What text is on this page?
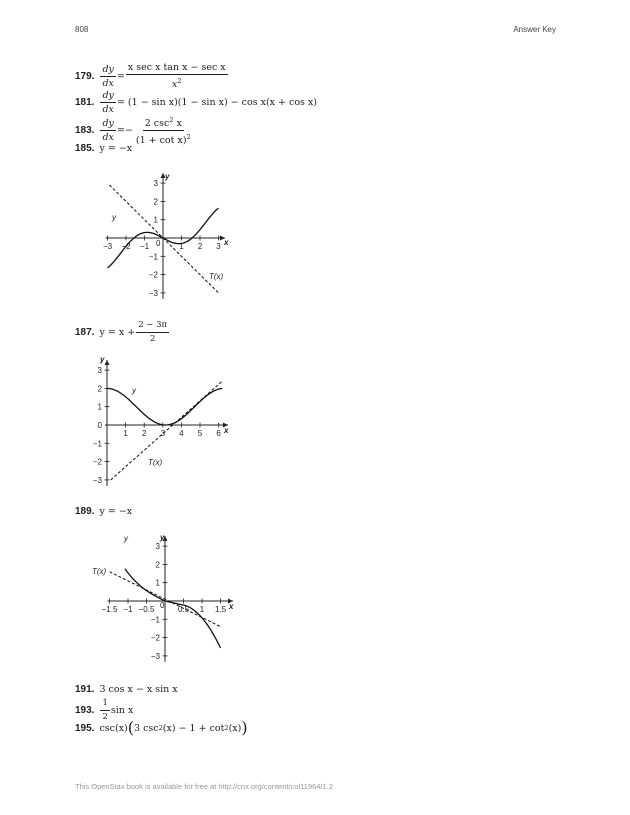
808	Answer Key
179. $\frac{dy}{dx} = \frac{\text{x sec x tan x − sec x}}{x^2}$
181. $\frac{dy}{dx}$ =
(1 − sin x)(1 − sin x) − cos x(x + cos x)
183. $\frac{dy}{dx}$ = − $\frac{2 \csc^2 x}{(1 + \cot x)^2}$
185. y = −x
−3 −2 −1	1 2 3
3
2
1
−1
−2
−3
y
x
0
y
T(x)
187. $y = x + \frac{2 - 3\pi}{2}$
1 2 3 4 5 6
3
2
1
0
−1
−2
−3
y
x
y
T(x)
189. y = −x
−1.5 −1 −0.5	0.5 1 1.5
3
2
1
−1
−2
−3
y
x
0
y
T(x)
191. 3 cos x − x sin x
193. $\frac{1}{2}$ sin x
195. csc(x) ( 3 csc 2 (x) − 1 + cot 2 (x) )
This OpenStax book is available for free at http://cnx.org/content/col11964/1.2
